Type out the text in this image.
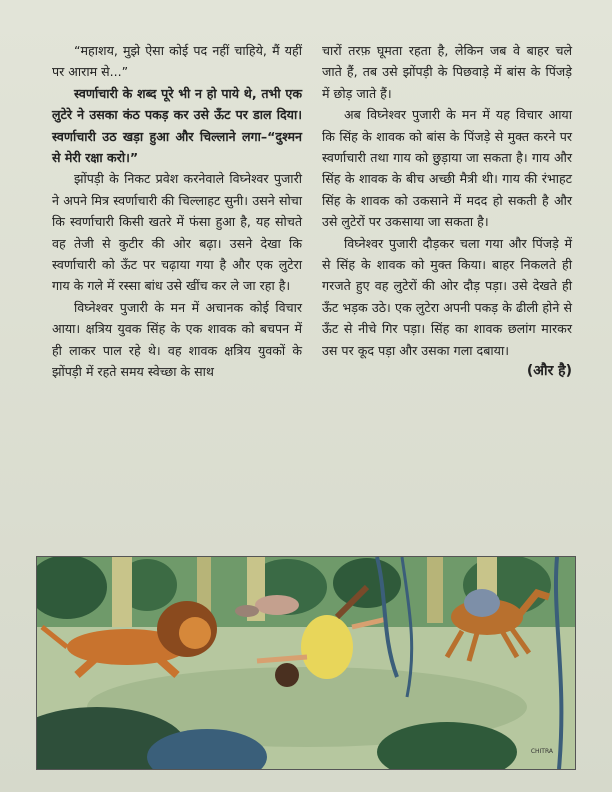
“महाशय, मुझे ऐसा कोई पद नहीं चाहिये, मैं यहीं पर आराम से...”

स्वर्णाचारी के शब्द पूरे भी न हो पाये थे, तभी एक लुटेरे ने उसका कंठ पकड़ कर उसे ऊँट पर डाल दिया। स्वर्णाचारी उठ खड़ा हुआ और चिल्लाने लगा–“दुश्मन से मेरी रक्षा करो।”

झोंपड़ी के निकट प्रवेश करनेवाले विघ्नेश्वर पुजारी ने अपने मित्र स्वर्णाचारी की चिल्लाहट सुनी। उसने सोचा कि स्वर्णाचारी किसी खतरे में फंसा हुआ है, यह सोचते वह तेजी से कुटीर की ओर बढ़ा। उसने देखा कि स्वर्णाचारी को ऊँट पर चढ़ाया गया है और एक लुटेरा गाय के गले में रस्सा बांध उसे खींच कर ले जा रहा है।

विघ्नेश्वर पुजारी के मन में अचानक कोई विचार आया। क्षत्रिय युवक सिंह के एक शावक को बचपन में ही लाकर पाल रहे थे। वह शावक क्षत्रिय युवकों के झोंपड़ी में रहते समय स्वेच्छा के साथ

चारों तरफ़ घूमता रहता है, लेकिन जब वे बाहर चले जाते हैं, तब उसे झोंपड़ी के पिछवाड़े में बांस के पिंजड़े में छोड़ जाते हैं।

अब विघ्नेश्वर पुजारी के मन में यह विचार आया कि सिंह के शावक को बांस के पिंजड़े से मुक्त करने पर स्वर्णाचारी तथा गाय को छुड़ाया जा सकता है। गाय और सिंह के शावक के बीच अच्छी मैत्री थी। गाय की रंभाहट सिंह के शावक को उकसाने में मदद हो सकती है और उसे लुटेरों पर उकसाया जा सकता है।

विघ्नेश्वर पुजारी दौड़कर चला गया और पिंजड़े में से सिंह के शावक को मुक्त किया। बाहर निकलते ही गरजते हुए वह लुटेरों की ओर दौड़ पड़ा। उसे देखते ही ऊँट भड़क उठे। एक लुटेरा अपनी पकड़ के ढीली होने से ऊँट से नीचे गिर पड़ा। सिंह का शावक छलांग मारकर उस पर कूद पड़ा और उसका गला दबाया।

(और है)
CHITRA
